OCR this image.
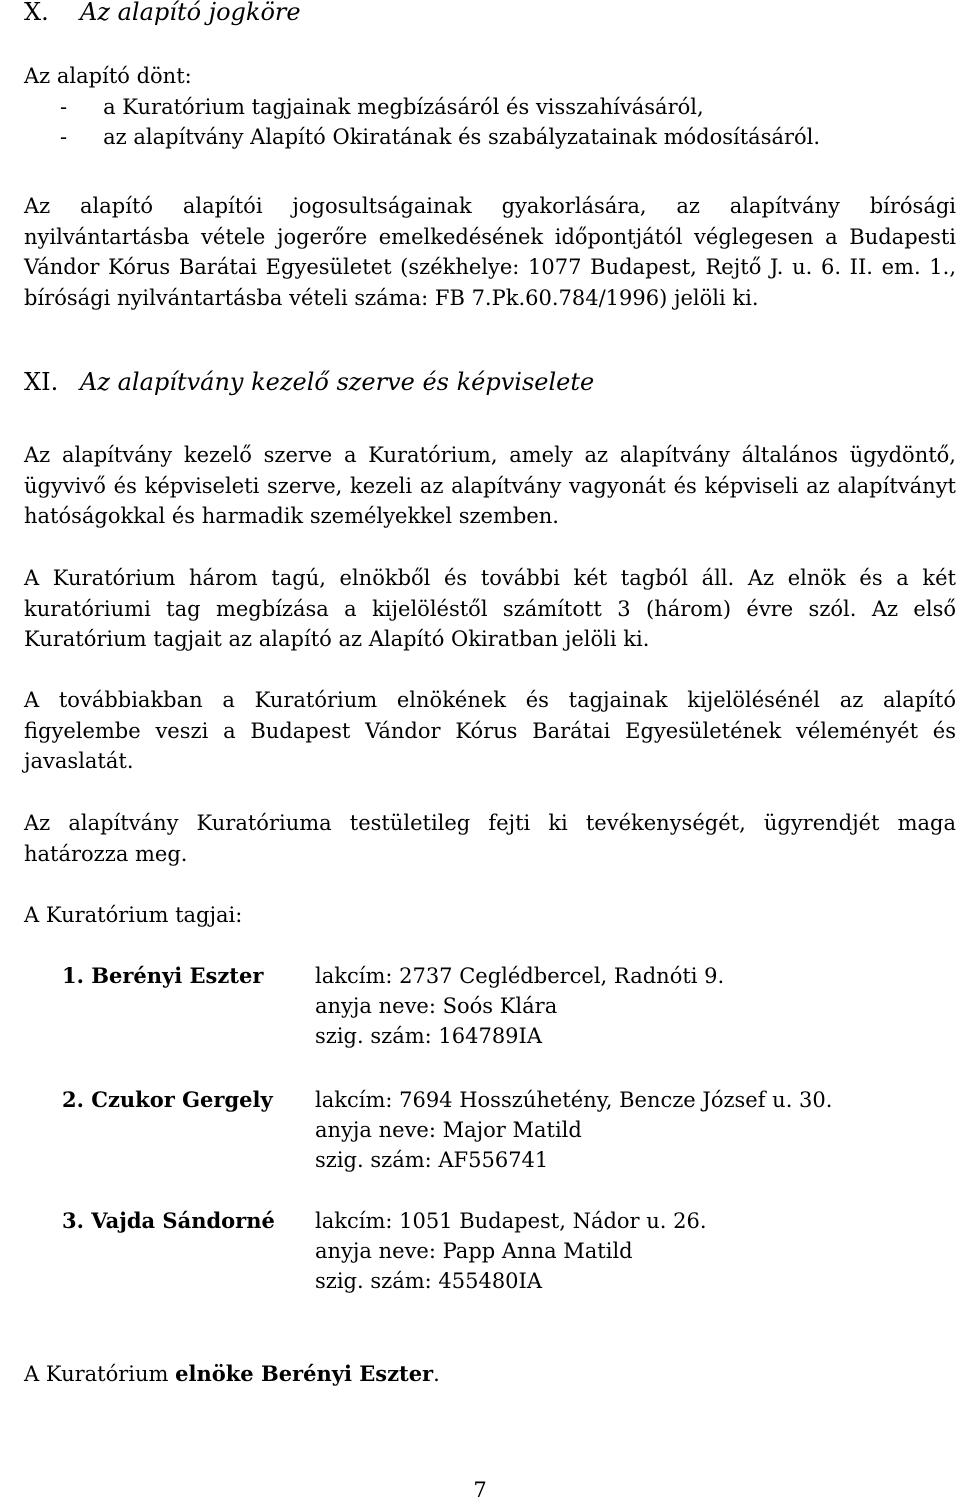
X. Az alapító jogköre
Az alapító dönt:
- a Kuratórium tagjainak megbízásáról és visszahívásáról,
- az alapítvány Alapító Okiratának és szabályzatainak módosításáról.
Az alapító alapítói jogosultságainak gyakorlására, az alapítvány bírósági
nyilvántartásba vétele jogerőre emelkedésének időpontjától véglegesen a Budapesti
Vándor Kórus Barátai Egyesületet (székhelye: 1077 Budapest, Rejtő J. u. 6. II. em. 1.,
bírósági nyilvántartásba vételi száma: FB 7.Pk.60.784/1996) jelöli ki.
XI. Az alapítvány kezelő szerve és képviselete
Az alapítvány kezelő szerve a Kuratórium, amely az alapítvány általános ügydöntő, ügyvivő és képviseleti szerve, kezeli az alapítvány vagyonát és képviseli az alapítványt hatóságokkal és harmadik személyekkel szemben.
A Kuratórium három tagú, elnökből és további két tagból áll. Az elnök és a két kuratóriumi tag megbízása a kijelöléstől számított 3 (három) évre szól. Az első Kuratórium tagjait az alapító az Alapító Okiratban jelöli ki.
A továbbiakban a Kuratórium elnökének és tagjainak kijelölésénél az alapító figyelembe veszi a Budapest Vándor Kórus Barátai Egyesületének véleményét és javaslatát.
Az alapítvány Kuratóriuma testületileg fejti ki tevékenységét, ügyrendjét maga határozza meg.
A Kuratórium tagjai:
1. Berényi Eszter lakcím: 2737 Ceglédbercel, Radnóti 9.
anyja neve: Soós Klára
szig. szám: 164789IA
2. Czukor Gergely lakcím: 7694 Hosszúhetény, Bencze József u. 30.
anyja neve: Major Matild
szig. szám: AF556741
3. Vajda Sándorné lakcím: 1051 Budapest, Nádor u. 26.
anyja neve: Papp Anna Matild
szig. szám: 455480IA
A Kuratórium elnöke Berényi Eszter.
7
